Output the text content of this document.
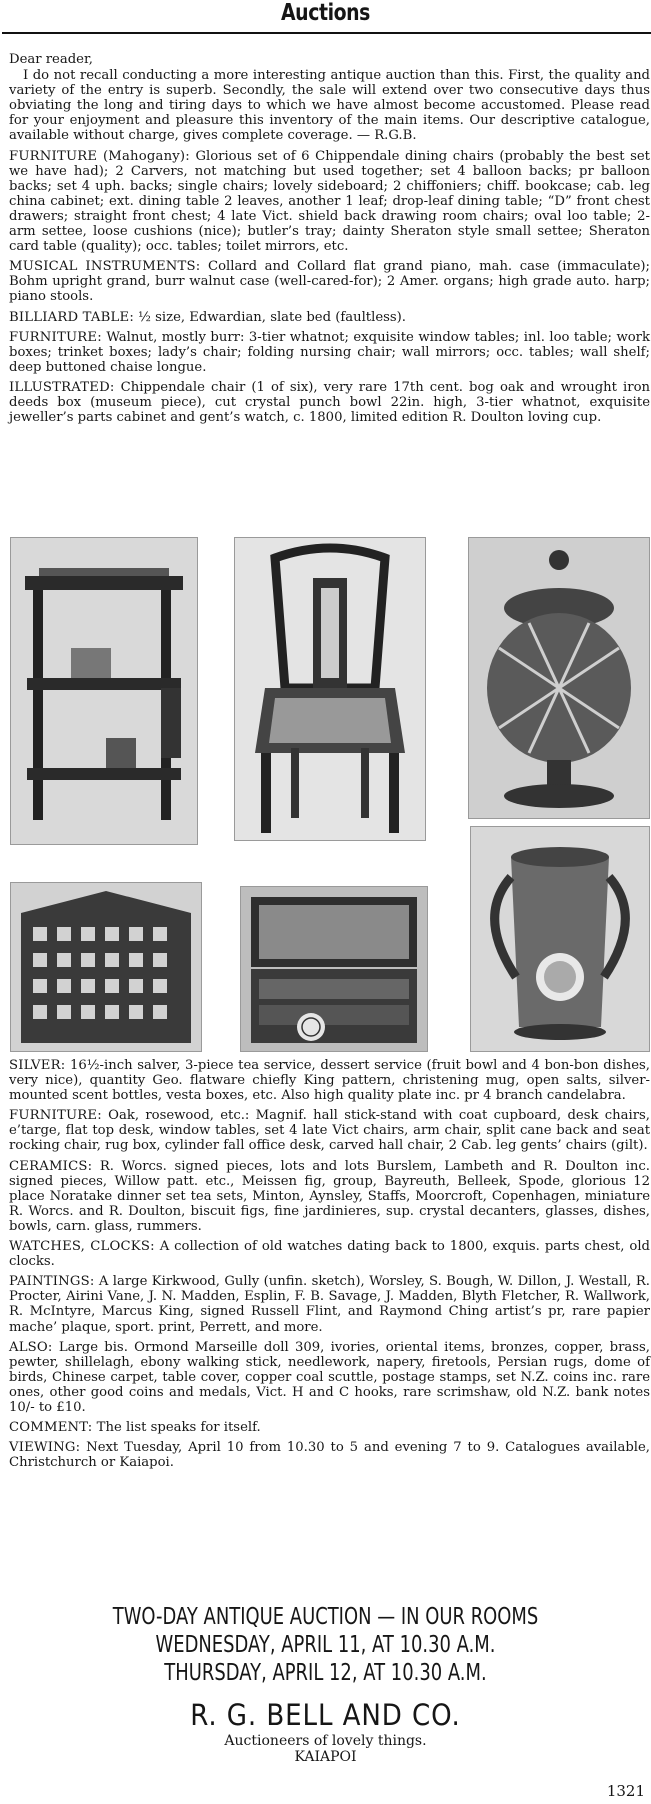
Auctions

Dear reader,

I do not recall conducting a more interesting antique auction than this. First, the quality and variety of the entry is superb. Secondly, the sale will extend over two consecutive days thus obviating the long and tiring days to which we have almost become accustomed. Please read for your enjoyment and pleasure this inventory of the main items. Our descriptive catalogue, available without charge, gives complete coverage. — R.G.B.

FURNITURE (Mahogany): Glorious set of 6 Chippendale dining chairs (probably the best set we have had); 2 Carvers, not matching but used together; set 4 balloon backs; pr balloon backs; set 4 uph. backs; single chairs; lovely sideboard; 2 chiffoniers; chiff. bookcase; cab. leg china cabinet; ext. dining table 2 leaves, another 1 leaf; drop-leaf dining table; “D” front chest drawers; straight front chest; 4 late Vict. shield back drawing room chairs; oval loo table; 2-arm settee, loose cushions (nice); butler’s tray; dainty Sheraton style small settee; Sheraton card table (quality); occ. tables; toilet mirrors, etc.

MUSICAL INSTRUMENTS: Collard and Collard flat grand piano, mah. case (immaculate); Bohm upright grand, burr walnut case (well-cared-for); 2 Amer. organs; high grade auto. harp; piano stools.

BILLIARD TABLE: ½ size, Edwardian, slate bed (faultless).

FURNITURE: Walnut, mostly burr: 3-tier whatnot; exquisite window tables; inl. loo table; work boxes; trinket boxes; lady’s chair; folding nursing chair; wall mirrors; occ. tables; wall shelf; deep buttoned chaise longue.

ILLUSTRATED: Chippendale chair (1 of six), very rare 17th cent. bog oak and wrought iron deeds box (museum piece), cut crystal punch bowl 22in. high, 3-tier whatnot, exquisite jeweller’s parts cabinet and gent’s watch, c. 1800, limited edition R. Doulton loving cup.

SILVER: 16½-inch salver, 3-piece tea service, dessert service (fruit bowl and 4 bon-bon dishes, very nice), quantity Geo. flatware chiefly King pattern, christening mug, open salts, silver-mounted scent bottles, vesta boxes, etc. Also high quality plate inc. pr 4 branch candelabra.

FURNITURE: Oak, rosewood, etc.: Magnif. hall stick-stand with coat cupboard, desk chairs, e’targe, flat top desk, window tables, set 4 late Vict chairs, arm chair, split cane back and seat rocking chair, rug box, cylinder fall office desk, carved hall chair, 2 Cab. leg gents’ chairs (gilt).

CERAMICS: R. Worcs. signed pieces, lots and lots Burslem, Lambeth and R. Doulton inc. signed pieces, Willow patt. etc., Meissen fig, group, Bayreuth, Belleek, Spode, glorious 12 place Noratake dinner set tea sets, Minton, Aynsley, Staffs, Moorcroft, Copenhagen, miniature R. Worcs. and R. Doulton, biscuit figs, fine jardinieres, sup. crystal decanters, glasses, dishes, bowls, carn. glass, rummers.

WATCHES, CLOCKS: A collection of old watches dating back to 1800, exquis. parts chest, old clocks.

PAINTINGS: A large Kirkwood, Gully (unfin. sketch), Worsley, S. Bough, W. Dillon, J. Westall, R. Procter, Airini Vane, J. N. Madden, Esplin, F. B. Savage, J. Madden, Blyth Fletcher, R. Wallwork, R. McIntyre, Marcus King, signed Russell Flint, and Raymond Ching artist’s pr, rare papier mache’ plaque, sport. print, Perrett, and more.

ALSO: Large bis. Ormond Marseille doll 309, ivories, oriental items, bronzes, copper, brass, pewter, shillelagh, ebony walking stick, needlework, napery, firetools, Persian rugs, dome of birds, Chinese carpet, table cover, copper coal scuttle, postage stamps, set N.Z. coins inc. rare ones, other good coins and medals, Vict. H and C hooks, rare scrimshaw, old N.Z. bank notes 10/- to £10.

COMMENT: The list speaks for itself.

VIEWING: Next Tuesday, April 10 from 10.30 to 5 and evening 7 to 9. Catalogues available, Christchurch or Kaiapoi.

TWO-DAY ANTIQUE AUCTION — IN OUR ROOMS
WEDNESDAY, APRIL 11, AT 10.30 A.M.
THURSDAY, APRIL 12, AT 10.30 A.M.
R. G. BELL AND CO.
Auctioneers of lovely things.
KAIAPOI
1321
